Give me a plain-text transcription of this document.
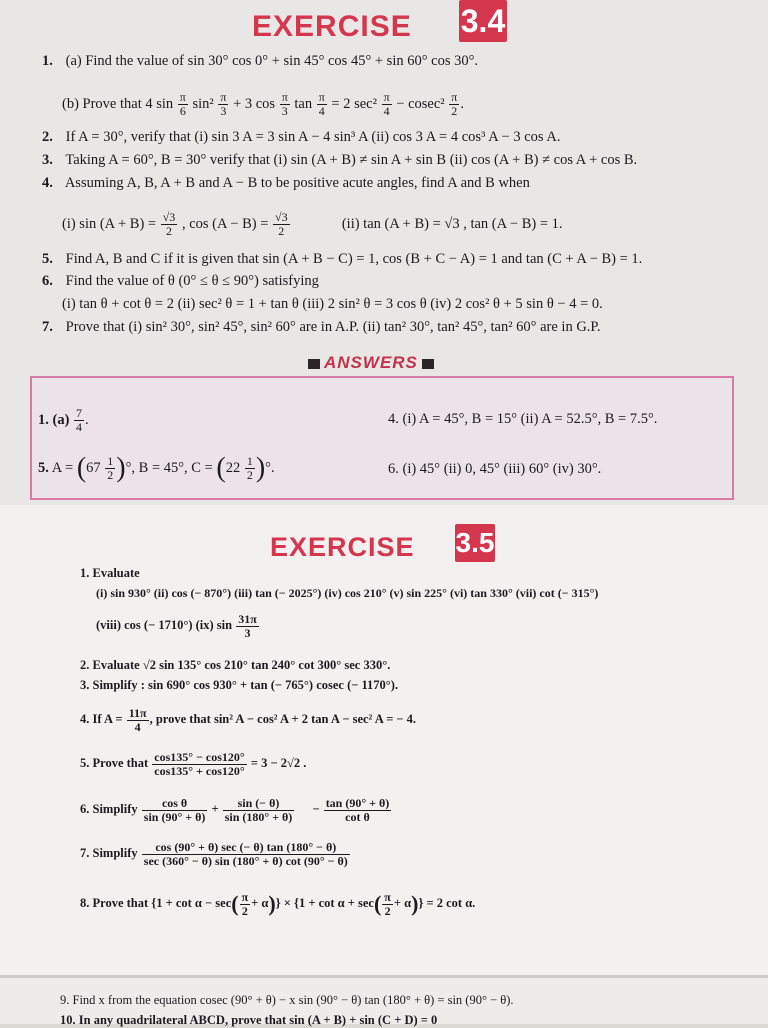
EXERCISE 3.4
1. (a) Find the value of sin 30° cos 0° + sin 45° cos 45° + sin 60° cos 30°.
(b) Prove that 4 $\sin \frac{\pi}{6} \sin^2 \frac{\pi}{3} + 3$ $\cos \frac{\pi}{3}$ $\tan \frac{\pi}{4} = 2$ $\sec^2 \frac{\pi}{4} - cosec^2 \frac{\pi}{2}$ .
2. If A = 30°, verify that (i) sin 3 A = 3 sin A − 4 sin³ A (ii) cos 3 A = 4 cos³ A − 3 cos A.
3. Taking A = 60°, B = 30° verify that (i) sin (A + B) ≠ sin A + sin B (ii) cos (A + B) ≠ cos A + cos B.
4. Assuming A, B, A + B and A − B to be positive acute angles, find A and B when
(i) $\sin (A + B) = \frac{√3}{2}$ , $\cos (A - B) = \frac{√3}{2}$	(ii) tan (A + B) = √3 , tan (A − B) = 1.
5. Find A, B and C if it is given that sin (A + B − C) = 1, cos (B + C − A) = 1 and tan (C + A − B) = 1.
6. Find the value of θ (0° ≤ θ ≤ 90°) satisfying
(i) tan θ + cot θ = 2 (ii) sec² θ = 1 + tan θ (iii) 2 sin² θ = 3 cos θ (iv) 2 cos² θ + 5 sin θ − 4 = 0.
7. Prove that (i) sin² 30°, sin² 45°, sin² 60° are in A.P. (ii) tan² 30°, tan² 45°, tan² 60° are in G.P.
ANSWERS
1. $(a) \frac{7}{4}$ .	4. (i) A = 45°, B = 15° (ii) A = 52.5°, B = 7.5°.
5. $A = (67 \frac{1}{2}$ )°, B = 45°, $C = (22 \frac{1}{2}$ )°.	6. (i) 45° (ii) 0, 45° (iii) 60° (iv) 30°.
EXERCISE 3.5
1. Evaluate
(i) sin 930° (ii) cos (− 870°) (iii) tan (− 2025°) (iv) cos 210° (v) sin 225° (vi) tan 330° (vii) cot (− 315°)
(viii) cos (− 1710°) (ix) $\sin \frac{31\pi}{3}$
2. Evaluate √2 sin 135° cos 210° tan 240° cot 300° sec 330°.
3. Simplify : sin 690° cos 930° + tan (− 765°) cosec (− 1170°).
4. If $A = \frac{11\pi}{4}$ , prove that sin² A − cos² A + 2 tan A − sec² A = − 4.
5. Prove that $\frac{\cos 135^\circ - \cos 120^\circ}{\cos 135^\circ + \cos 120^\circ} = 3 - 2√2$ .
6. Simplify $\frac{\text{cos θ}}{\sin (90^\circ + \theta)} + \frac{\sin (- \theta)}{\sin (180^\circ + \theta)} - \frac{\tan (90^\circ + \theta)}{\text{cot θ}}$
7. Simplify $\frac{\cos (90^\circ + \theta) \sec (- \theta) \tan (180^\circ - \theta)}{\sec (360^\circ - \theta) \sin (180^\circ + \theta) \cot (90^\circ - \theta)}$
8. Prove that $\{1 + \cot \alpha - \sec( \frac{\pi}{2} + \alpha)\} \times \{1 + \cot \alpha + \sec( \frac{\pi}{2} + \alpha)\} = 2$ cot α.
9. Find x from the equation cosec (90° + θ) − x sin (90° − θ) tan (180° + θ) = sin (90° − θ).
10. In any quadrilateral ABCD, prove that sin (A + B) + sin (C + D) = 0
